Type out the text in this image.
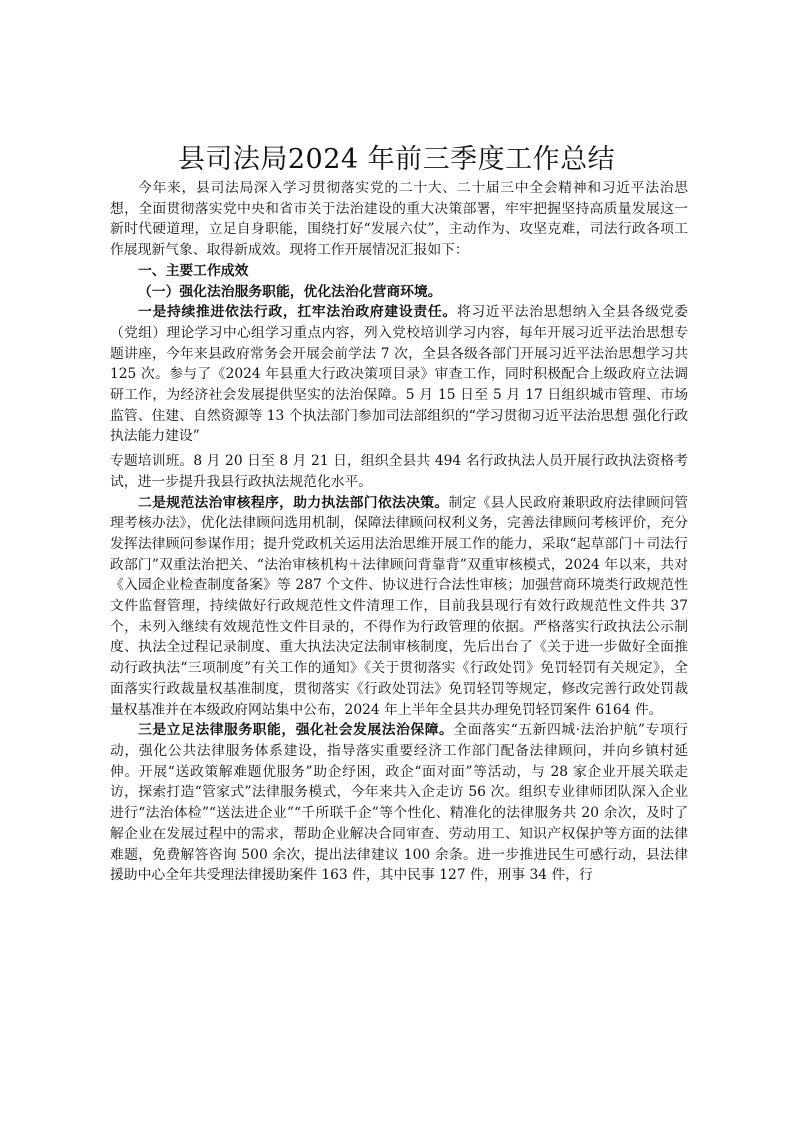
县司法局2024 年前三季度工作总结

今年来，县司法局深入学习贯彻落实党的二十大、二十届三中全会精神和习近平法治思想，全面贯彻落实党中央和省市关于法治建设的重大决策部署，牢牢把握坚持高质量发展这一新时代硬道理，立足自身职能，围绕打好“发展六仗”，主动作为、攻坚克难，司法行政各项工作展现新气象、取得新成效。现将工作开展情况汇报如下：

一、主要工作成效

（一）强化法治服务职能，优化法治化营商环境。

一是持续推进依法行政，扛牢法治政府建设责任。将习近平法治思想纳入全县各级党委（党组）理论学习中心组学习重点内容，列入党校培训学习内容，每年开展习近平法治思想专题讲座，今年来县政府常务会开展会前学法 7 次，全县各级各部门开展习近平法治思想学习共 125 次。参与了《2024 年县重大行政决策项目录》审查工作，同时积极配合上级政府立法调研工作，为经济社会发展提供坚实的法治保障。5 月 15 日至 5 月 17 日组织城市管理、市场监管、住建、自然资源等 13 个执法部门参加司法部组织的“学习贯彻习近平法治思想 强化行政执法能力建设”

专题培训班。8 月 20 日至 8 月 21 日，组织全县共 494 名行政执法人员开展行政执法资格考试，进一步提升我县行政执法规范化水平。

二是规范法治审核程序，助力执法部门依法决策。制定《县人民政府兼职政府法律顾问管理考核办法》，优化法律顾问选用机制，保障法律顾问权利义务，完善法律顾问考核评价，充分发挥法律顾问参谋作用；提升党政机关运用法治思维开展工作的能力，采取“起草部门＋司法行政部门”双重法治把关、“法治审核机构＋法律顾问背靠背”双重审核模式，2024 年以来，共对《入园企业检查制度备案》等 287 个文件、协议进行合法性审核；加强营商环境类行政规范性文件监督管理，持续做好行政规范性文件清理工作，目前我县现行有效行政规范性文件共 37 个，未列入继续有效规范性文件目录的，不得作为行政管理的依据。严格落实行政执法公示制度、执法全过程记录制度、重大执法决定法制审核制度，先后出台了《关于进一步做好全面推动行政执法“三项制度”有关工作的通知》《关于贯彻落实《行政处罚》免罚轻罚有关规定》，全面落实行政裁量权基准制度，贯彻落实《行政处罚法》免罚轻罚等规定，修改完善行政处罚裁量权基准并在本级政府网站集中公布，2024 年上半年全县共办理免罚轻罚案件 6164 件。

三是立足法律服务职能，强化社会发展法治保障。全面落实“五新四城·法治护航”专项行动，强化公共法律服务体系建设，指导落实重要经济工作部门配备法律顾问，并向乡镇村延伸。开展“送政策解难题优服务”助企纾困，政企“面对面”等活动，与 28 家企业开展关联走访，探索打造“管家式”法律服务模式，今年来共入企走访 56 次。组织专业律师团队深入企业进行“法治体检”“送法进企业”“千所联千企”等个性化、精准化的法律服务共 20 余次，及时了解企业在发展过程中的需求，帮助企业解决合同审查、劳动用工、知识产权保护等方面的法律难题，免费解答咨询 500 余次，提出法律建议 100 余条。进一步推进民生可感行动，县法律援助中心全年共受理法律援助案件 163 件，其中民事 127 件，刑事 34 件，行
